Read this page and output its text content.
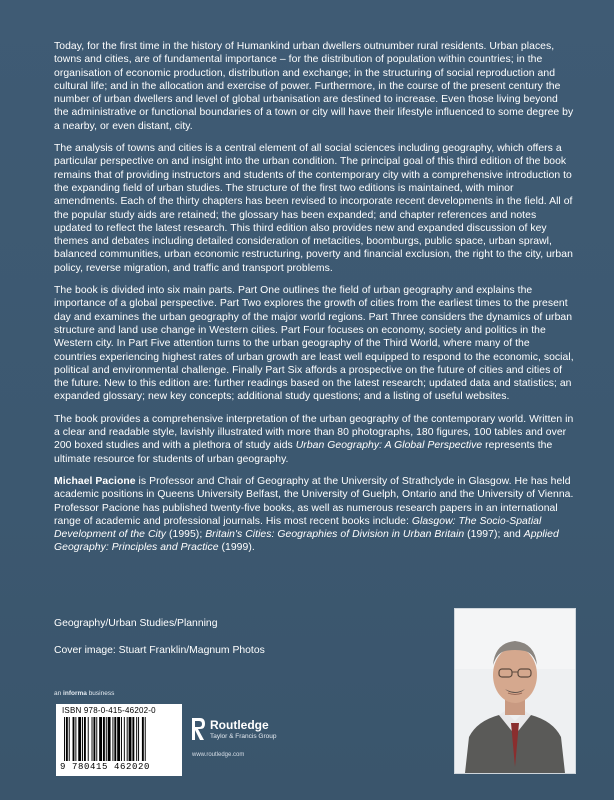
Today, for the first time in the history of Humankind urban dwellers outnumber rural residents. Urban places, towns and cities, are of fundamental importance – for the distribution of population within countries; in the organisation of economic production, distribution and exchange; in the structuring of social reproduction and cultural life; and in the allocation and exercise of power. Furthermore, in the course of the present century the number of urban dwellers and level of global urbanisation are destined to increase. Even those living beyond the administrative or functional boundaries of a town or city will have their lifestyle influenced to some degree by a nearby, or even distant, city.

The analysis of towns and cities is a central element of all social sciences including geography, which offers a particular perspective on and insight into the urban condition. The principal goal of this third edition of the book remains that of providing instructors and students of the contemporary city with a comprehensive introduction to the expanding field of urban studies. The structure of the first two editions is maintained, with minor amendments. Each of the thirty chapters has been revised to incorporate recent developments in the field. All of the popular study aids are retained; the glossary has been expanded; and chapter references and notes updated to reflect the latest research. This third edition also provides new and expanded discussion of key themes and debates including detailed consideration of metacities, boomburgs, public space, urban sprawl, balanced communities, urban economic restructuring, poverty and financial exclusion, the right to the city, urban policy, reverse migration, and traffic and transport problems.

The book is divided into six main parts. Part One outlines the field of urban geography and explains the importance of a global perspective. Part Two explores the growth of cities from the earliest times to the present day and examines the urban geography of the major world regions. Part Three considers the dynamics of urban structure and land use change in Western cities. Part Four focuses on economy, society and politics in the Western city. In Part Five attention turns to the urban geography of the Third World, where many of the countries experiencing highest rates of urban growth are least well equipped to respond to the economic, social, political and environmental challenge. Finally Part Six affords a prospective on the future of cities and cities of the future. New to this edition are: further readings based on the latest research; updated data and statistics; an expanded glossary; new key concepts; additional study questions; and a listing of useful websites.

The book provides a comprehensive interpretation of the urban geography of the contemporary world. Written in a clear and readable style, lavishly illustrated with more than 80 photographs, 180 figures, 100 tables and over 200 boxed studies and with a plethora of study aids Urban Geography: A Global Perspective represents the ultimate resource for students of urban geography.

Michael Pacione is Professor and Chair of Geography at the University of Strathclyde in Glasgow. He has held academic positions in Queens University Belfast, the University of Guelph, Ontario and the University of Vienna. Professor Pacione has published twenty-five books, as well as numerous research papers in an international range of academic and professional journals. His most recent books include: Glasgow: The Socio-Spatial Development of the City (1995); Britain's Cities: Geographies of Division in Urban Britain (1997); and Applied Geography: Principles and Practice (1999).

Geography/Urban Studies/Planning
Cover image: Stuart Franklin/Magnum Photos
an informa business
ISBN 978-0-415-46202-0
9 780415 462020
Routledge
Taylor & Francis Group
www.routledge.com
